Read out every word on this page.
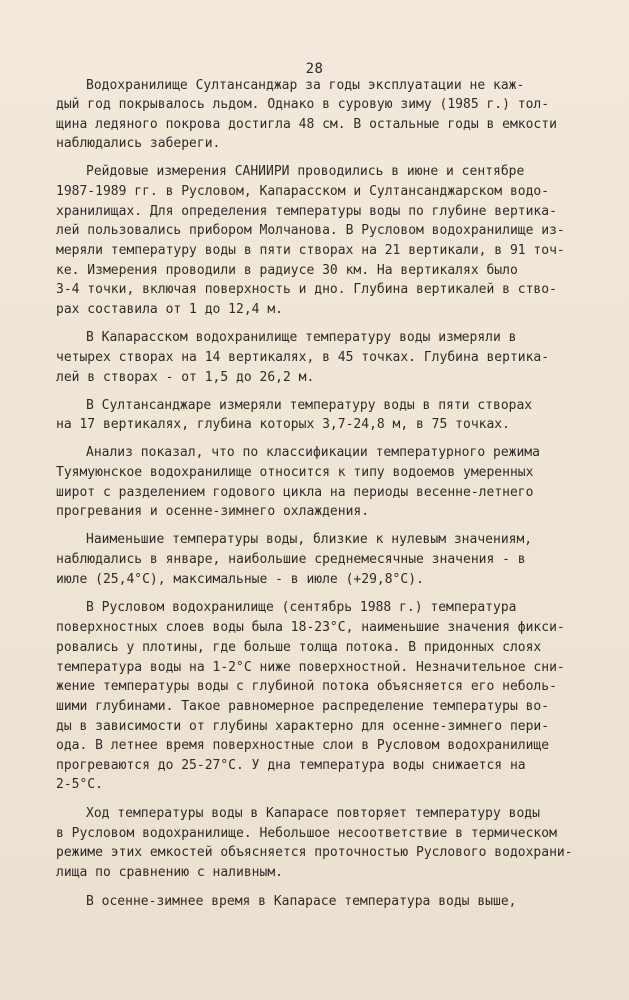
28
Водохранилище Султансанджар за годы эксплуатации не каж-
дый год покрывалось льдом. Однако в суровую зиму (1985 г.) тол-
щина ледяного покрова достигла 48 см. В остальные годы в емкости
наблюдались забереги.
Рейдовые измерения САНИИРИ проводились в июне и сентябре
1987-1989 гг. в Русловом, Капарасском и Султансанджарском водо-
хранилищах. Для определения температуры воды по глубине вертика-
лей пользовались прибором Молчанова. В Русловом водохранилище из-
меряли температуру воды в пяти створах на 21 вертикали, в 91 точ-
ке. Измерения проводили в радиусе 30 км. На вертикалях было
3-4 точки, включая поверхность и дно. Глубина вертикалей в ство-
рах составила от 1 до 12,4 м.
В Капарасском водохранилище температуру воды измеряли в
четырех створах на 14 вертикалях, в 45 точках. Глубина вертика-
лей в створах - от 1,5 до 26,2 м.
В Султансанджаре измеряли температуру воды в пяти створах
на 17 вертикалях, глубина которых 3,7-24,8 м, в 75 точках.
Анализ показал, что по классификации температурного режима
Туямуюнское водохранилище относится к типу водоемов умеренных
широт с разделением годового цикла на периоды весенне-летнего
прогревания и осенне-зимнего охлаждения.
Наименьшие температуры воды, близкие к нулевым значениям,
наблюдались в январе, наибольшие среднемесячные значения - в
июле (25,4°С), максимальные - в июле (+29,8°С).
В Русловом водохранилище (сентябрь 1988 г.) температура
поверхностных слоев воды была 18-23°С, наименьшие значения фикси-
ровались у плотины, где больше толща потока. В придонных слоях
температура воды на 1-2°С ниже поверхностной. Незначительное сни-
жение температуры воды с глубиной потока объясняется его неболь-
шими глубинами. Такое равномерное распределение температуры во-
ды в зависимости от глубины характерно для осенне-зимнего пери-
ода. В летнее время поверхностные слои в Русловом водохранилище
прогреваются до 25-27°С. У дна температура воды снижается на
2-5°С.
Ход температуры воды в Капарасе повторяет температуру воды
в Русловом водохранилище. Небольшое несоответствие в термическом
режиме этих емкостей объясняется проточностью Руслового водохрани-
лища по сравнению с наливным.
В осенне-зимнее время в Капарасе температура воды выше,
